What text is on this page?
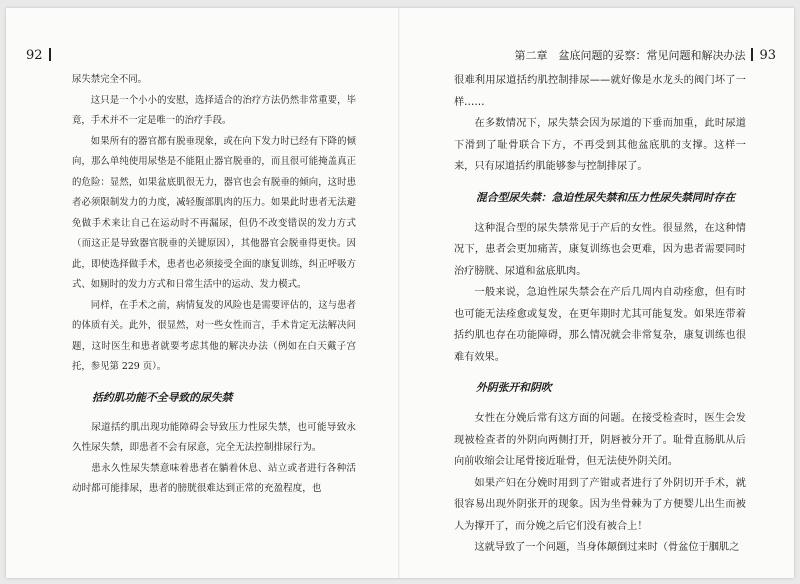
92

尿失禁完全不同。

这只是一个小小的安慰，选择适合的治疗方法仍然非常重要，毕竟，手术并不一定是唯一的治疗手段。

如果所有的器官都有脱垂现象，或在向下发力时已经有下降的倾向，那么单纯使用尿垫是不能阻止器官脱垂的，而且很可能掩盖真正的危险：显然，如果盆底肌很无力，器官也会有脱垂的倾向，这时患者必须限制发力的力度，减轻腹部肌肉的压力。如果此时患者无法避免做手术来让自己在运动时不再漏尿，但仍不改变错误的发力方式（而这正是导致器官脱垂的关键原因），其他器官会脱垂得更快。因此，即使选择做手术，患者也必须接受全面的康复训练，纠正呼吸方式、如厕时的发力方式和日常生活中的运动、发力模式。

同样，在手术之前，病情复发的风险也是需要评估的，这与患者的体质有关。此外，很显然，对一些女性而言，手术肯定无法解决问题，这时医生和患者就要考虑其他的解决办法（例如在白天戴子宫托，参见第 229 页）。

括约肌功能不全导致的尿失禁

尿道括约肌出现功能障碍会导致压力性尿失禁，也可能导致永久性尿失禁，即患者不会有尿意，完全无法控制排尿行为。

患永久性尿失禁意味着患者在躺着休息、站立或者进行各种活动时都可能排尿，患者的膀胱很难达到正常的充盈程度，也

第二章　盆底问题的妥察：常见问题和解决办法 93

很难利用尿道括约肌控制排尿——就好像是水龙头的阀门坏了一样……

在多数情况下，尿失禁会因为尿道的下垂而加重，此时尿道下滑到了耻骨联合下方，不再受到其他盆底肌的支撑。这样一来，只有尿道括约肌能够参与控制排尿了。

混合型尿失禁：急迫性尿失禁和压力性尿失禁同时存在

这种混合型的尿失禁常见于产后的女性。很显然，在这种情况下，患者会更加痛苦，康复训练也会更难，因为患者需要同时治疗膀胱、尿道和盆底肌肉。

一般来说，急迫性尿失禁会在产后几周内自动痊愈，但有时也可能无法痊愈或复发，在更年期时尤其可能复发。如果连带着括约肌也存在功能障碍，那么情况就会非常复杂，康复训练也很难有效果。

外阴张开和阴吹

女性在分娩后常有这方面的问题。在接受检查时，医生会发现被检查者的外阴向两侧打开，阴唇被分开了。耻骨直肠肌从后向前收缩会让尾骨接近耻骨，但无法使外阴关闭。

如果产妇在分娩时用到了产钳或者进行了外阴切开手术，就很容易出现外阴张开的现象。因为坐骨棘为了方便婴儿出生而被人为撑开了，而分娩之后它们没有被合上！

这就导致了一个问题，当身体颠倒过来时（骨盆位于腘肌之
